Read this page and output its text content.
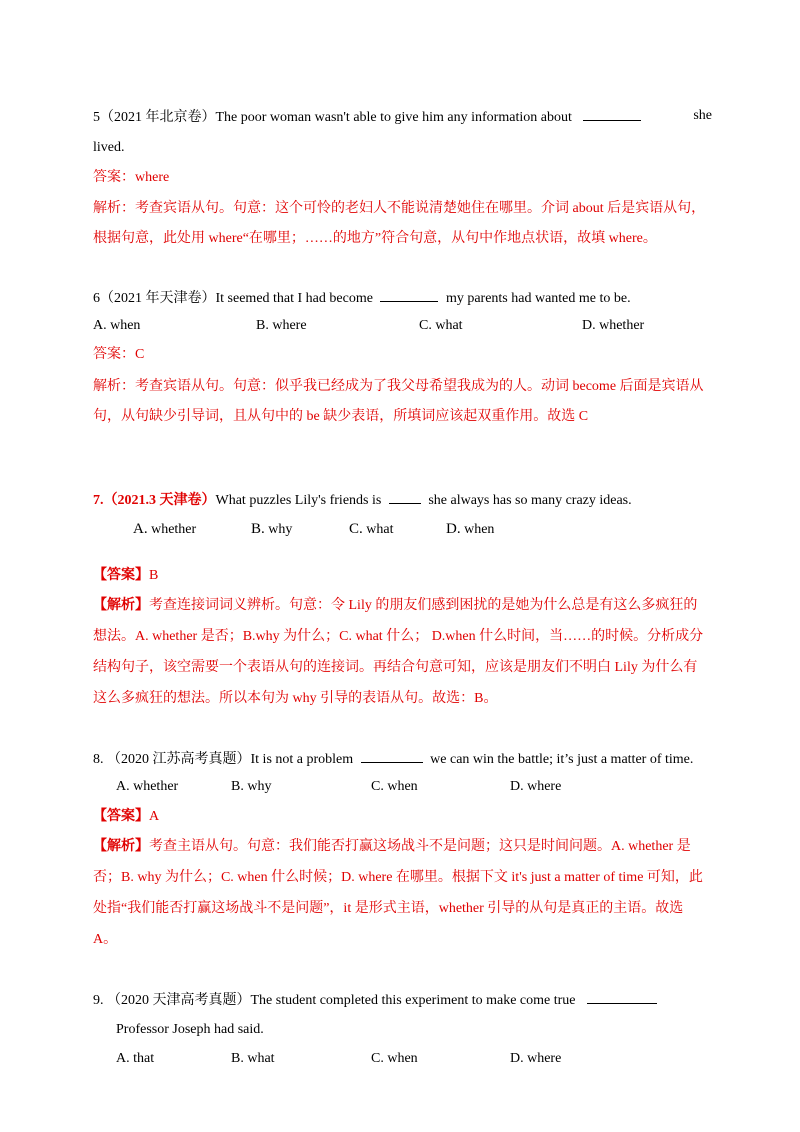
5（2021 年北京卷）The poor woman wasn't able to give him any information about	she
lived.
答案：where
解析：考查宾语从句。句意：这个可怜的老妇人不能说清楚她住在哪里。介词 about 后是宾语从句，
根据句意，此处用 where“在哪里；……的地方”符合句意，从句中作地点状语，故填 where。
6（2021 年天津卷）It seemed that I had become	my parents had wanted me to be.
A. when	B. where	C. what	D. whether
答案：C
解析：考查宾语从句。句意：似乎我已经成为了我父母希望我成为的人。动词 become 后面是宾语从
句，从句缺少引导词，且从句中的 be 缺少表语，所填词应该起双重作用。故选 C
7.（2021.3 天津卷）What puzzles Lily's friends is	she always has so many crazy ideas.
A. whether	B. why	C. what	D. when
【答案】B
【解析】考查连接词词义辨析。句意：令 Lily 的朋友们感到困扰的是她为什么总是有这么多疯狂的
想法。A. whether 是否；B.why 为什么；C. what 什么； D.when 什么时间，当……的时候。分析成分
结构句子，该空需要一个表语从句的连接词。再结合句意可知，应该是朋友们不明白 Lily 为什么有
这么多疯狂的想法。所以本句为 why 引导的表语从句。故选：B。
8. （2020 江苏高考真题）It is not a problem	we can win the battle; it’s just a matter of time.
A. whether	B. why	C. when	D. where
【答案】A
【解析】考查主语从句。句意：我们能否打赢这场战斗不是问题；这只是时间问题。A. whether 是
否；B. why 为什么；C. when 什么时候；D. where 在哪里。根据下文 it's just a matter of time 可知，此
处指“我们能否打赢这场战斗不是问题”，it 是形式主语，whether 引导的从句是真正的主语。故选
A。
9. （2020 天津高考真题）The student completed this experiment to make come true
Professor Joseph had said.
A. that	B. what	C. when	D. where
